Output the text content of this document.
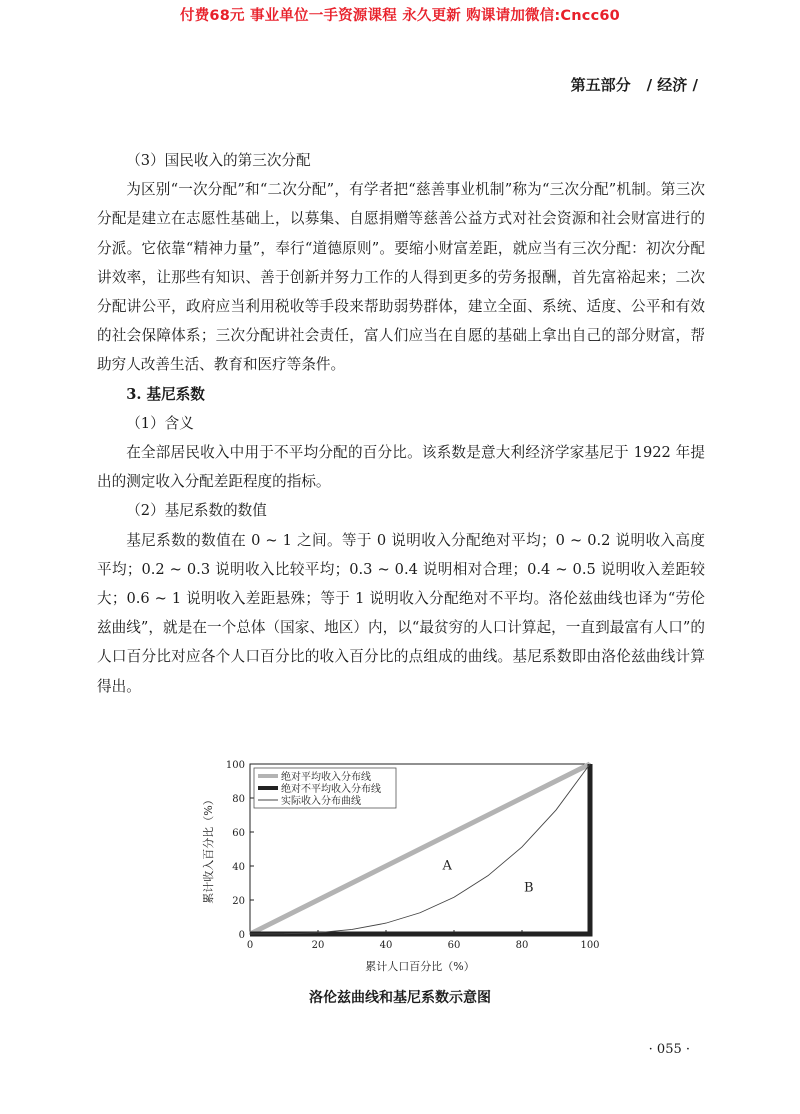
付费68元 事业单位一手资源课程 永久更新 购课请加微信:Cncc60
第五部分 / 经济 /

（3）国民收入的第三次分配

为区别“一次分配”和“二次分配”，有学者把“慈善事业机制”称为“三次分配”机制。第三次分配是建立在志愿性基础上，以募集、自愿捐赠等慈善公益方式对社会资源和社会财富进行的分派。它依靠“精神力量”，奉行“道德原则”。要缩小财富差距，就应当有三次分配：初次分配讲效率，让那些有知识、善于创新并努力工作的人得到更多的劳务报酬，首先富裕起来；二次分配讲公平，政府应当利用税收等手段来帮助弱势群体，建立全面、系统、适度、公平和有效的社会保障体系；三次分配讲社会责任，富人们应当在自愿的基础上拿出自己的部分财富，帮助穷人改善生活、教育和医疗等条件。

3. 基尼系数

（1）含义

在全部居民收入中用于不平均分配的百分比。该系数是意大利经济学家基尼于 1922 年提出的测定收入分配差距程度的指标。

（2）基尼系数的数值

基尼系数的数值在 0 ~ 1 之间。等于 0 说明收入分配绝对平均；0 ~ 0.2 说明收入高度平均；0.2 ~ 0.3 说明收入比较平均；0.3 ~ 0.4 说明相对合理；0.4 ~ 0.5 说明收入差距较大；0.6 ~ 1 说明收入差距悬殊；等于 1 说明收入分配绝对不平均。洛伦兹曲线也译为“劳伦兹曲线”，就是在一个总体（国家、地区）内，以“最贫穷的人口计算起，一直到最富有人口”的人口百分比对应各个人口百分比的收入百分比的点组成的曲线。基尼系数即由洛伦兹曲线计算得出。

0	20	40	60	80	100
0
20
40
60
80
100
A
B
绝对平均收入分布线
绝对不平均收入分布线
实际收入分布曲线
累计人口百分比（%）
累计收入百分比（%）
洛伦兹曲线和基尼系数示意图
· 055 ·
